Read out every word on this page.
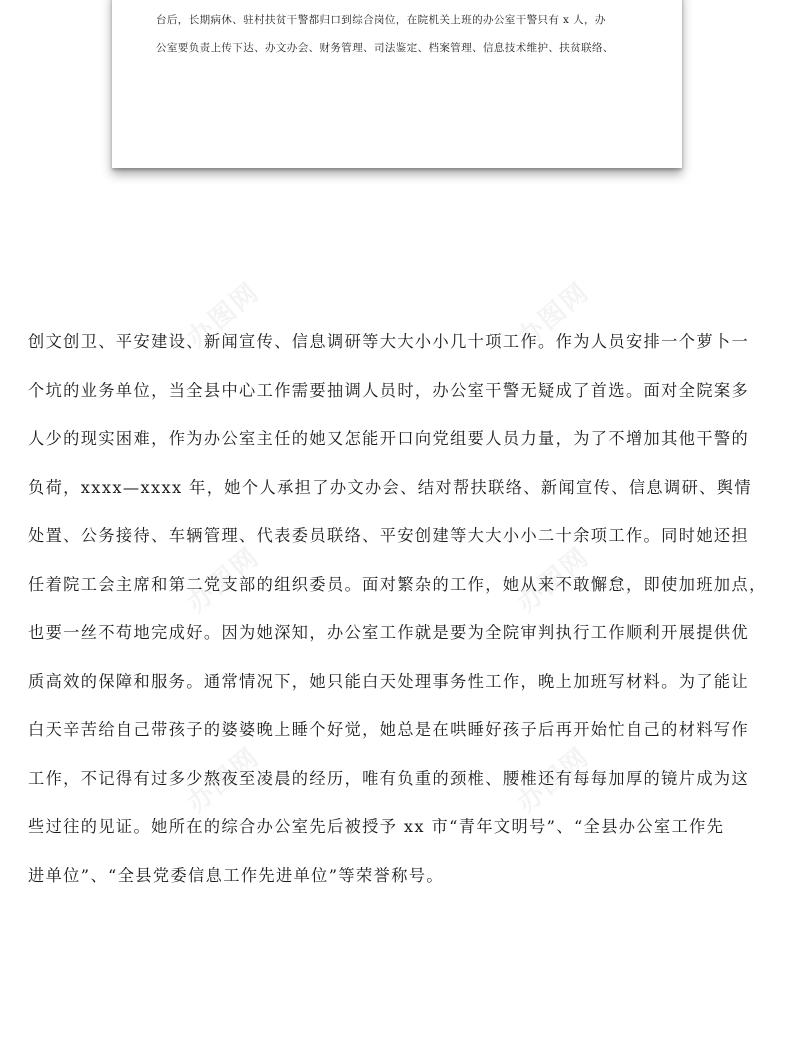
办图网	办图网
办图网	办图网
办图网	办图网
台后，长期病休、驻村扶贫干警都归口到综合岗位，在院机关上班的办公室干警只有 x 人，办
公室要负责上传下达、办文办会、财务管理、司法鉴定、档案管理、信息技术维护、扶贫联络、
创文创卫、平安建设、新闻宣传、信息调研等大大小小几十项工作。作为人员安排一个萝卜一
个坑的业务单位，当全县中心工作需要抽调人员时，办公室干警无疑成了首选。面对全院案多
人少的现实困难，作为办公室主任的她又怎能开口向党组要人员力量，为了不增加其他干警的
负荷，xxxx—xxxx 年，她个人承担了办文办会、结对帮扶联络、新闻宣传、信息调研、舆情
处置、公务接待、车辆管理、代表委员联络、平安创建等大大小小二十余项工作。同时她还担
任着院工会主席和第二党支部的组织委员。面对繁杂的工作，她从来不敢懈怠，即使加班加点，
也要一丝不苟地完成好。因为她深知，办公室工作就是要为全院审判执行工作顺利开展提供优
质高效的保障和服务。通常情况下，她只能白天处理事务性工作，晚上加班写材料。为了能让
白天辛苦给自己带孩子的婆婆晚上睡个好觉，她总是在哄睡好孩子后再开始忙自己的材料写作
工作，不记得有过多少熬夜至凌晨的经历，唯有负重的颈椎、腰椎还有每每加厚的镜片成为这
些过往的见证。她所在的综合办公室先后被授予 xx 市“青年文明号”、“全县办公室工作先
进单位”、“全县党委信息工作先进单位”等荣誉称号。
